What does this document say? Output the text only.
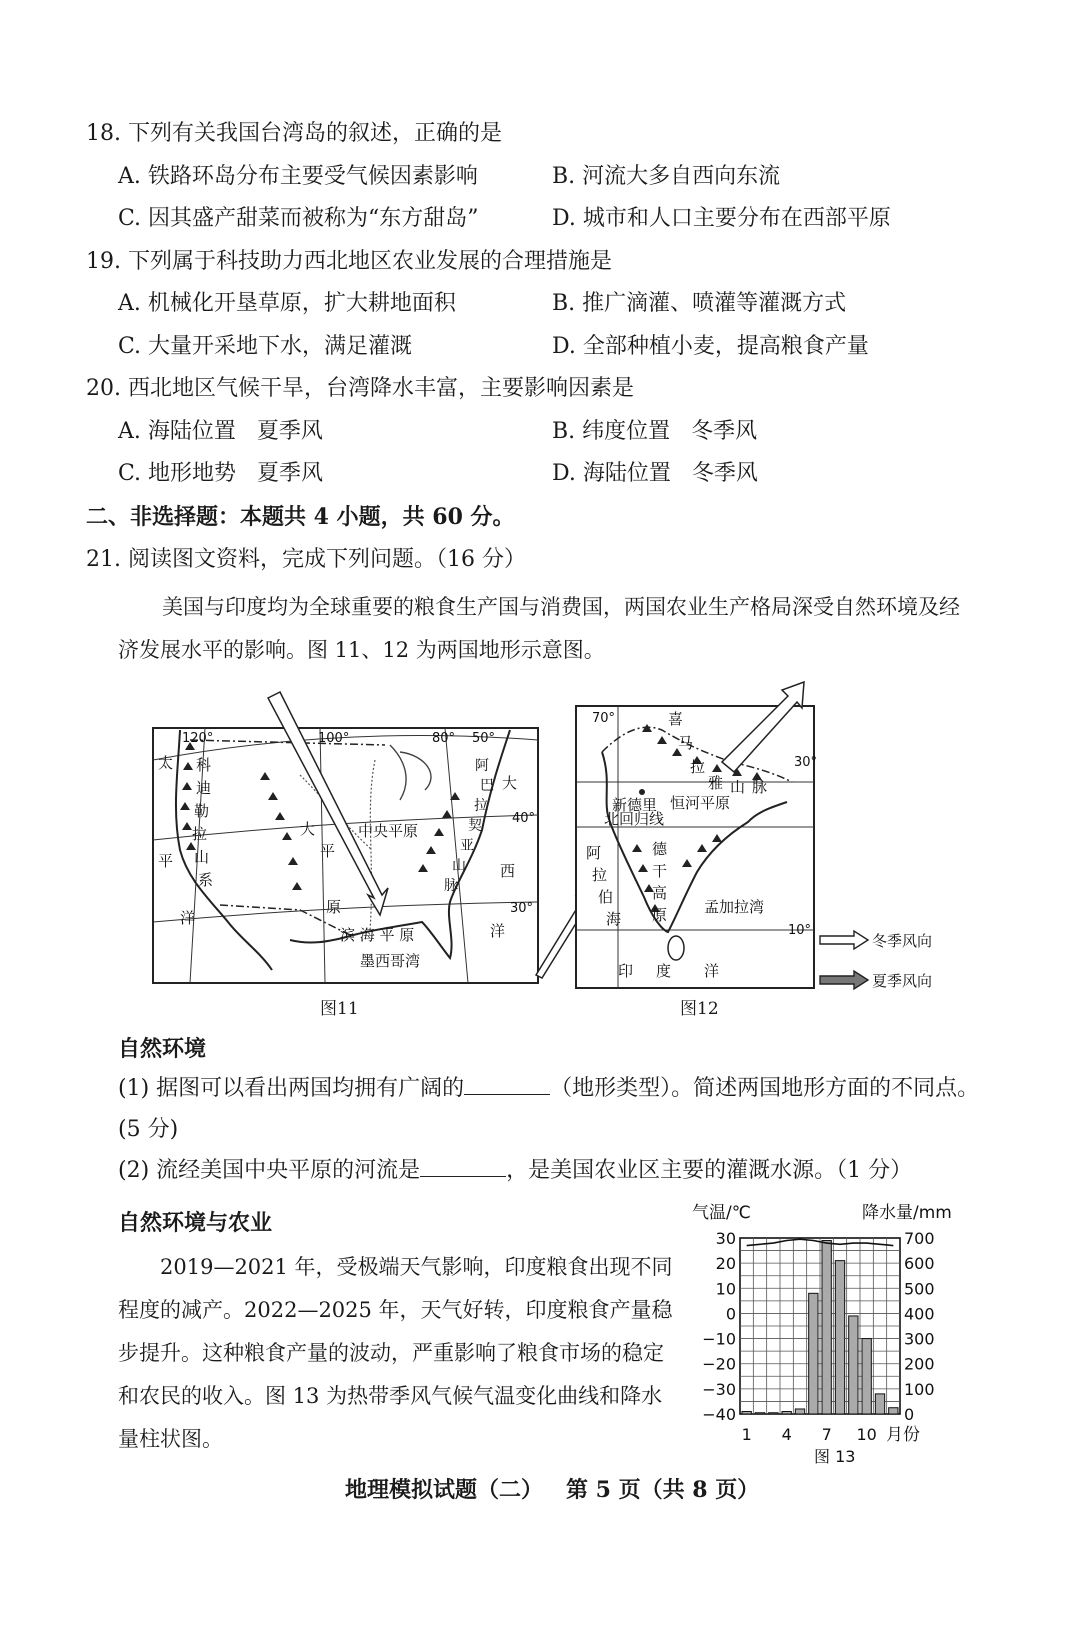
18. 下列有关我国台湾岛的叙述，正确的是
A. 铁路环岛分布主要受气候因素影响	B. 河流大多自西向东流
C. 因其盛产甜菜而被称为“东方甜岛”	D. 城市和人口主要分布在西部平原
19. 下列属于科技助力西北地区农业发展的合理措施是
A. 机械化开垦草原，扩大耕地面积	B. 推广滴灌、喷灌等灌溉方式
C. 大量开采地下水，满足灌溉	D. 全部种植小麦，提高粮食产量
20. 西北地区气候干旱，台湾降水丰富，主要影响因素是
A. 海陆位置   夏季风	B. 纬度位置   冬季风
C. 地形地势   夏季风	D. 海陆位置   冬季风
二、非选择题：本题共 4 小题，共 60 分。
21. 阅读图文资料，完成下列问题。（16 分）
美国与印度均为全球重要的粮食生产国与消费国，两国农业生产格局深受自然环境及经济发展水平的影响。图 11、12 为两国地形示意图。
120°	100°	80° 50°
40°
30°
太
平
洋
科
迪
勒
拉
山
系
大
平
原
中央平原
大
西
洋
滨 海 平 原
墨西哥湾
阿
巴
拉
契
亚
山
脉
图11
70°
30°
10°
喜
马
拉
雅 山 脉
新德里 恒河平原
北回归线
阿
拉
伯
海
德
干
高
原 孟加拉湾
印 度 洋
冬季风向
夏季风向
图12
自然环境
(1) 据图可以看出两国均拥有广阔的	（地形类型）。简述两国地形方面的不同点。
(5 分)
(2) 流经美国中央平原的河流是	，是美国农业区主要的灌溉水源。（1 分）
自然环境与农业
2019—2021 年，受极端天气影响，印度粮食出现不同程度的减产。2022—2025 年，天气好转，印度粮食产量稳步提升。这种粮食产量的波动，严重影响了粮食市场的稳定和农民的收入。图 13 为热带季风气候气温变化曲线和降水量柱状图。
气温/℃	降水量/mm
30
20
10
0
−10
−20
−30
−40
700
600
500
400
300
200
100
0
1 4 7 10 月份
图 13
地理模拟试题（二）   第 5 页（共 8 页）
